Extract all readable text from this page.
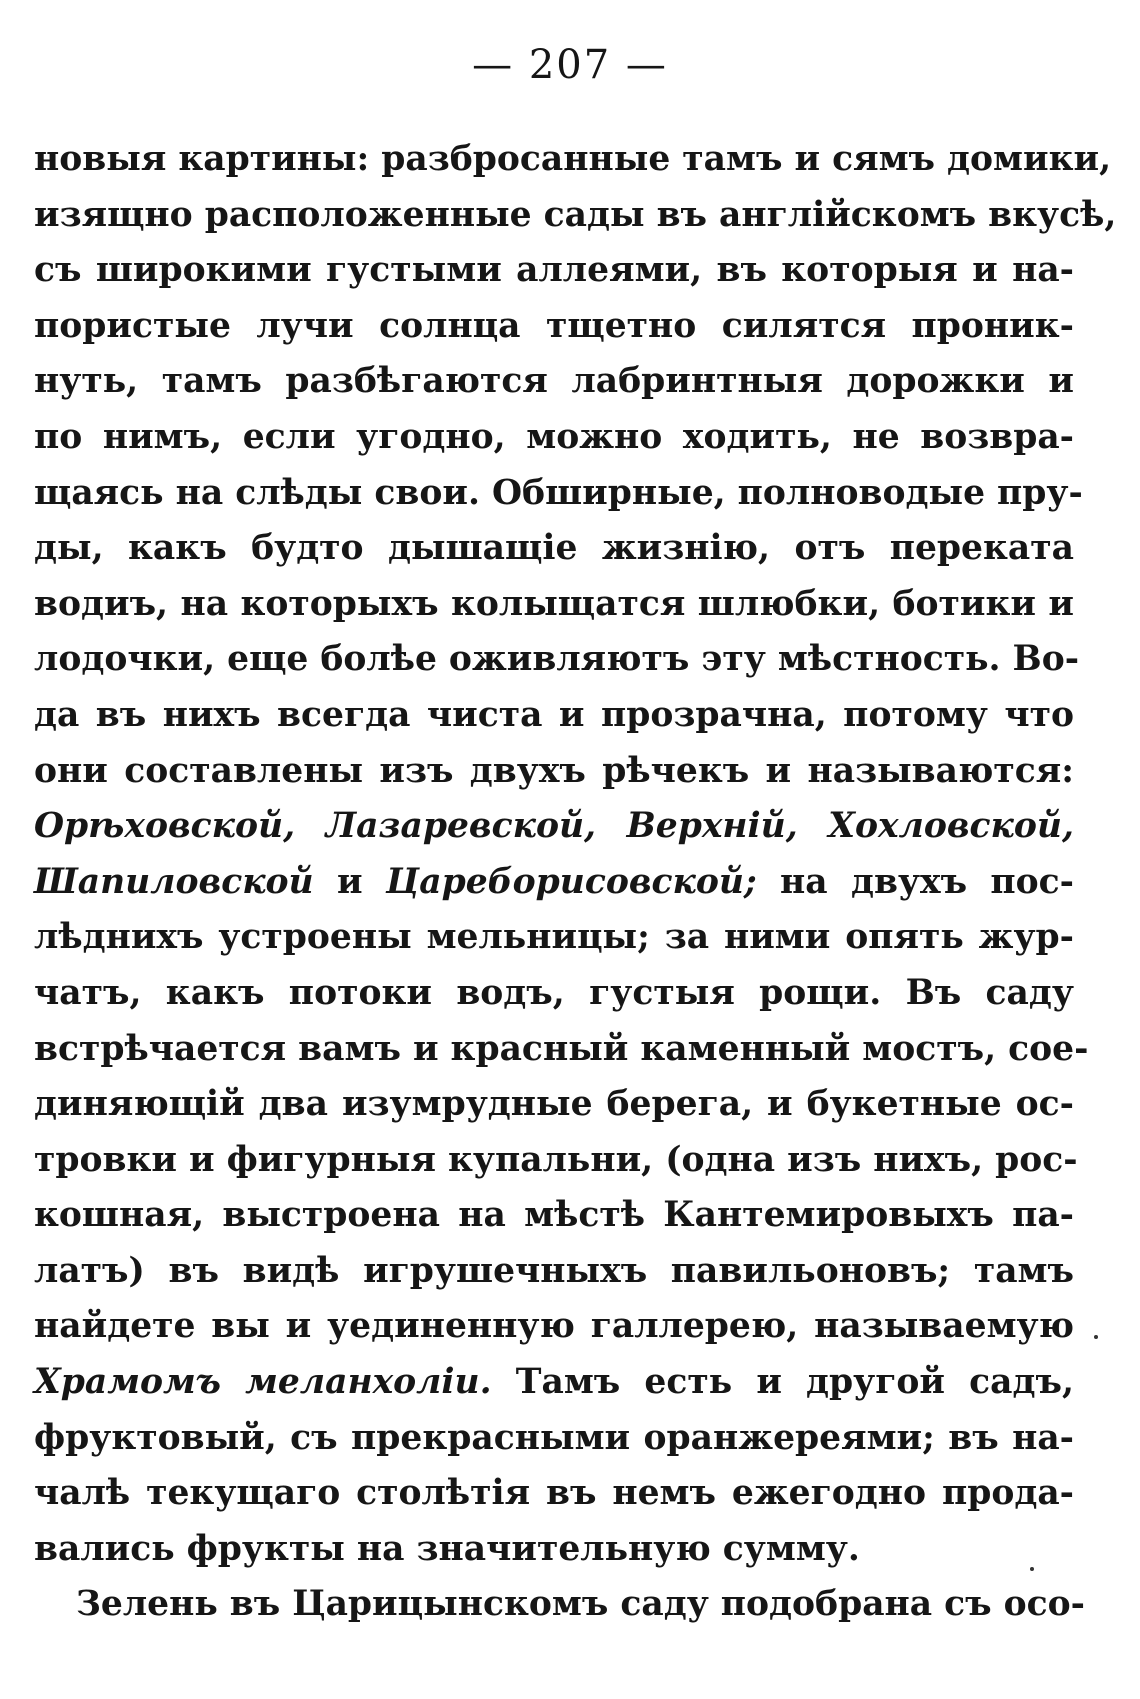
— 207 —
новыя картины: разбросанные тамъ и сямъ домики,
изящно расположенные сады въ англійскомъ вкусѣ,
съ широкими густыми аллеями, въ которыя и на-
пористые лучи солнца тщетно силятся проник-
нуть, тамъ разбѣгаются лабринтныя дорожки и
по нимъ, если угодно, можно ходить, не возвра-
щаясь на слѣды свои. Обширные, полноводые пру-
ды, какъ будто дышащіе жизнію, отъ переката
водиъ, на которыхъ колыщатся шлюбки, ботики и
лодочки, еще болѣе оживляютъ эту мѣстность. Во-
да въ нихъ всегда чиста и прозрачна, потому что
они составлены изъ двухъ рѣчекъ и называются:
Орѣховской, Лазаревской, Верхній, Хохловской,
Шапиловской и Цареборисовской; на двухъ пос-
лѣднихъ устроены мельницы; за ними опять жур-
чатъ, какъ потоки водъ, густыя рощи. Въ саду
встрѣчается вамъ и красный каменный мостъ, сое-
диняющій два изумрудные берега, и букетные ос-
тровки и фигурныя купальни, (одна изъ нихъ, рос-
кошная, выстроена на мѣстѣ Кантемировыхъ па-
латъ) въ видѣ игрушечныхъ павильоновъ; тамъ
найдете вы и уединенную галлерею, называемую
Храмомъ меланхоліи. Тамъ есть и другой садъ,
фруктовый, съ прекрасными оранжереями; въ на-
чалѣ текущаго столѣтія въ немъ ежегодно прода-
вались фрукты на значительную сумму.
Зелень въ Царицынскомъ саду подобрана съ осо-
